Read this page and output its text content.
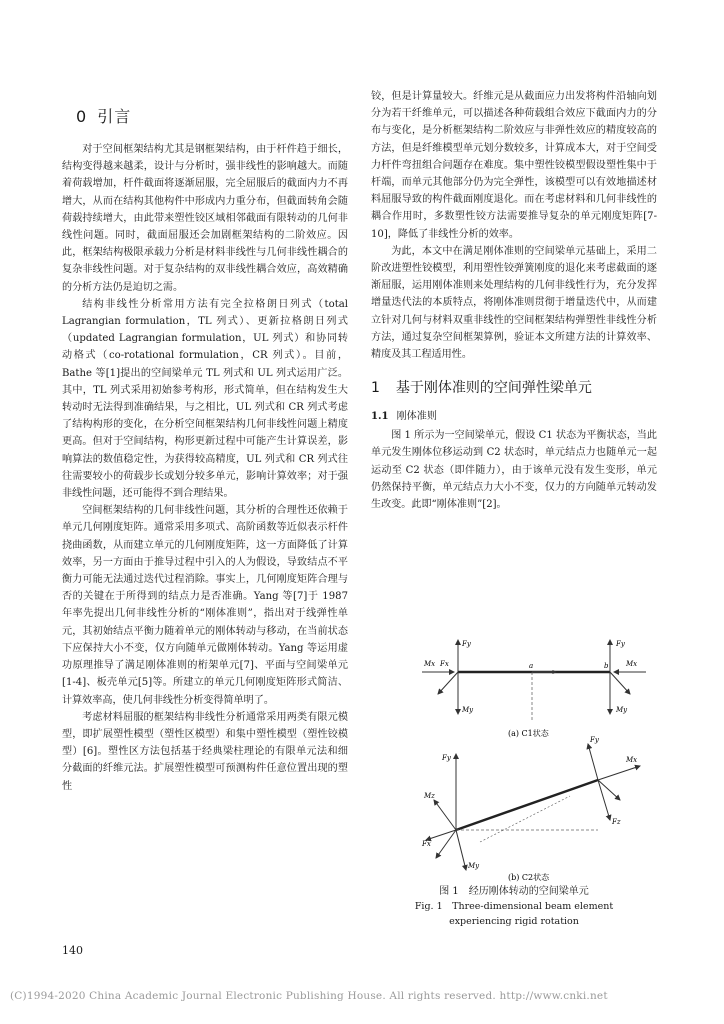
0 引言

对于空间框架结构尤其是钢框架结构，由于杆件趋于细长，结构变得越来越柔，设计与分析时，强非线性的影响越大。而随着荷载增加，杆件截面将逐渐屈服，完全屈服后的截面内力不再增大，从而在结构其他构件中形成内力重分布，但截面转角会随荷载持续增大，由此带来塑性铰区域相邻截面有限转动的几何非线性问题。同时，截面屈服还会加剧框架结构的二阶效应。因此，框架结构极限承载力分析是材料非线性与几何非线性耦合的复杂非线性问题。对于复杂结构的双非线性耦合效应，高效精确的分析方法仍是迫切之需。

结构非线性分析常用方法有完全拉格朗日列式（total Lagrangian formulation，TL 列式）、更新拉格朗日列式（updated Lagrangian formulation，UL 列式）和协同转动格式（co-rotational formulation，CR 列式）。目前，Bathe 等[1]提出的空间梁单元 TL 列式和 UL 列式运用广泛。其中，TL 列式采用初始参考构形，形式简单，但在结构发生大转动时无法得到准确结果，与之相比，UL 列式和 CR 列式考虑了结构构形的变化，在分析空间框架结构几何非线性问题上精度更高。但对于空间结构，构形更新过程中可能产生计算误差，影响算法的数值稳定性，为获得较高精度，UL 列式和 CR 列式往往需要较小的荷载步长或划分较多单元，影响计算效率；对于强非线性问题，还可能得不到合理结果。

空间框架结构的几何非线性问题，其分析的合理性还依赖于单元几何刚度矩阵。通常采用多项式、高阶函数等近似表示杆件挠曲函数，从而建立单元的几何刚度矩阵，这一方面降低了计算效率，另一方面由于推导过程中引入的人为假设，导致结点不平衡力可能无法通过迭代过程消除。事实上，几何刚度矩阵合理与否的关键在于所得到的结点力是否准确。Yang 等[7]于 1987 年率先提出几何非线性分析的“刚体准则”，指出对于线弹性单元，其初始结点平衡力随着单元的刚体转动与移动，在当前状态下应保持大小不变，仅方向随单元做刚体转动。Yang 等运用虚功原理推导了满足刚体准则的桁架单元[7]、平面与空间梁单元[1-4]、板壳单元[5]等。所建立的单元几何刚度矩阵形式简洁、计算效率高，使几何非线性分析变得简单明了。

考虑材料屈服的框架结构非线性分析通常采用两类有限元模型，即扩展塑性模型（塑性区模型）和集中塑性模型（塑性铰模型）[6]。塑性区方法包括基于经典梁柱理论的有限单元法和细分截面的纤维元法。扩展塑性模型可预测构件任意位置出现的塑性

铰，但是计算量较大。纤维元是从截面应力出发将构件沿轴向划分为若干纤维单元，可以描述各种荷载组合效应下截面内力的分布与变化，是分析框架结构二阶效应与非弹性效应的精度较高的方法，但是纤维模型单元划分数较多，计算成本大，对于空间受力杆件弯扭组合问题存在难度。集中塑性铰模型假设塑性集中于杆端，而单元其他部分仍为完全弹性，该模型可以有效地描述材料屈服导致的构件截面刚度退化。而在考虑材料和几何非线性的耦合作用时，多数塑性铰方法需要推导复杂的单元刚度矩阵[7-10]，降低了非线性分析的效率。

为此，本文中在满足刚体准则的空间梁单元基础上，采用二阶改进塑性铰模型，利用塑性铰弹簧刚度的退化来考虑截面的逐渐屈服，运用刚体准则来处理结构的几何非线性行为，充分发挥增量迭代法的本质特点，将刚体准则贯彻于增量迭代中，从而建立针对几何与材料双重非线性的空间框架结构弹塑性非线性分析方法，通过复杂空间框架算例，验证本文所建方法的计算效率、精度及其工程适用性。

1 基于刚体准则的空间弹性梁单元
1.1 刚体准则

图 1 所示为一空间梁单元，假设 C1 状态为平衡状态，当此单元发生刚体位移运动到 C2 状态时，单元结点力也随单元一起运动至 C2 状态（即伴随力），由于该单元没有发生变形，单元仍然保持平衡，单元结点力大小不变，仅力的方向随单元转动发生改变。此即“刚体准则”[2]。

Mx Fx
Fy
My
Fy
My
Mx
a	b
(a) C1状态
Fy
Fx
Mz
My
Fy
Mx
Fz
(b) C2状态
图 1　经历刚体转动的空间梁单元
Fig. 1　Three-dimensional beam element
experiencing rigid rotation
140
(C)1994-2020 China Academic Journal Electronic Publishing House. All rights reserved. http://www.cnki.net
